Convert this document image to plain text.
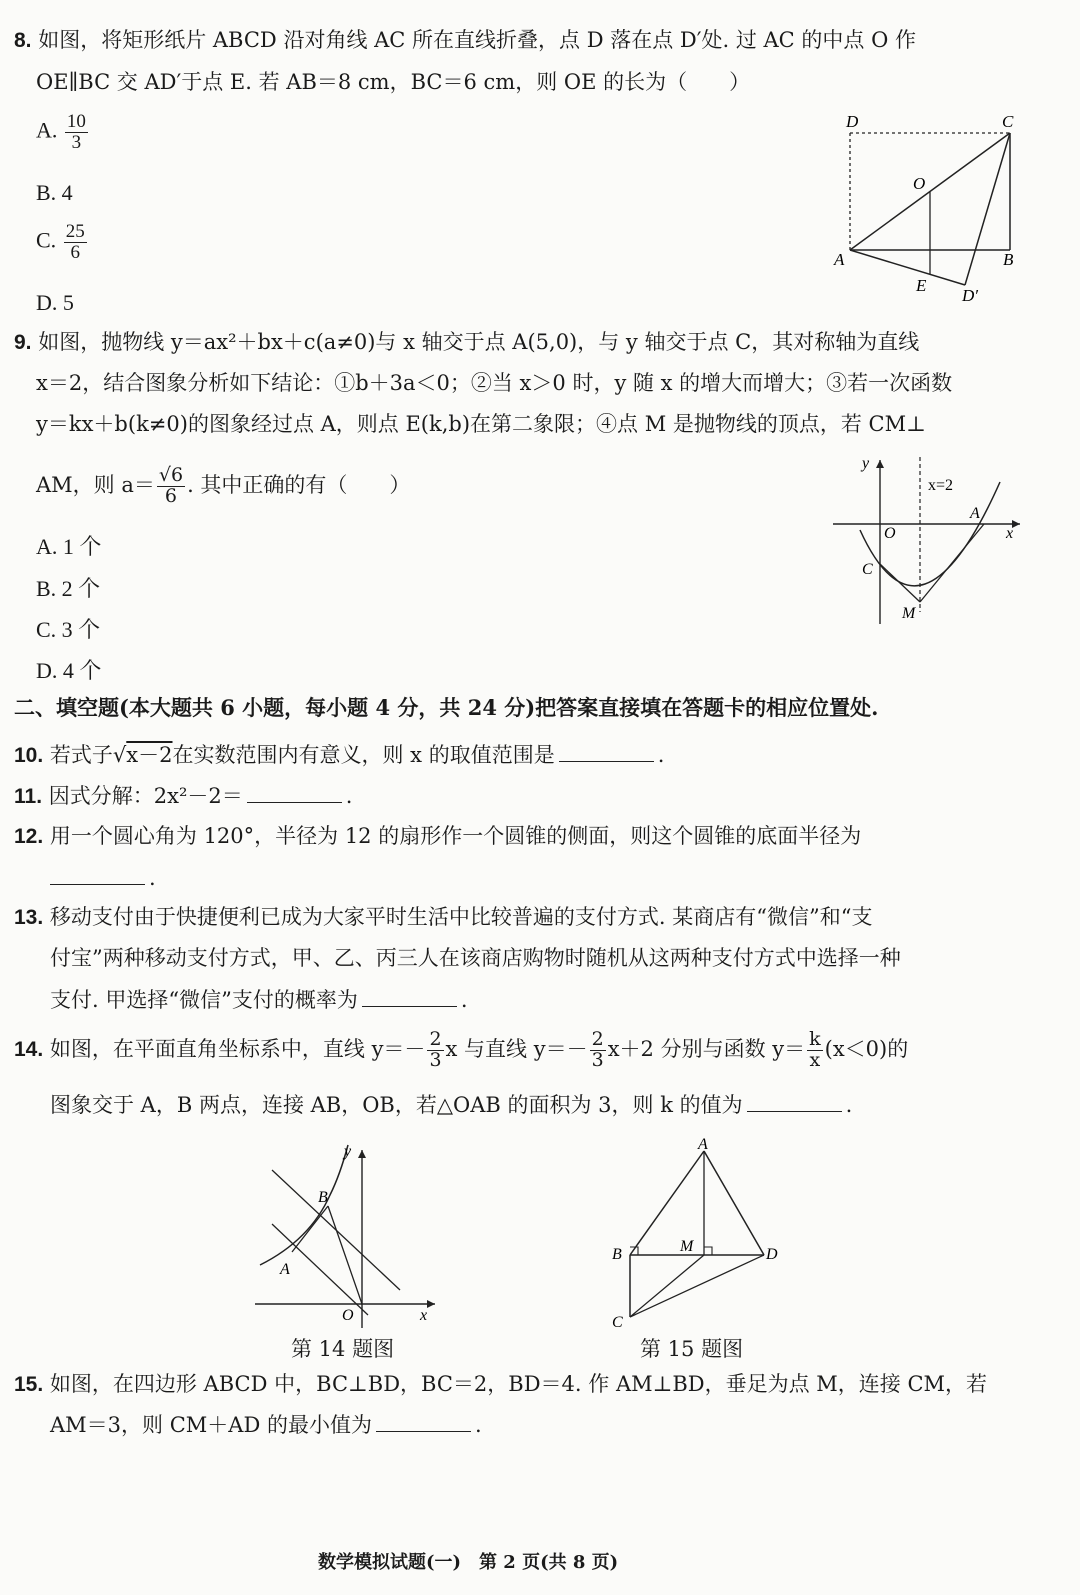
8. 如图，将矩形纸片 ABCD 沿对角线 AC 所在直线折叠，点 D 落在点 D′处. 过 AC 的中点 O 作
OE∥BC 交 AD′于点 E. 若 AB＝8 cm，BC＝6 cm，则 OE 的长为（　　）
A. $\frac{10}{3}$
B. 4
C. $\frac{25}{6}$
D. 5
D	C
O
A	B
E
D′
9. 如图，抛物线 y＝ax²＋bx＋c(a≠0)与 x 轴交于点 A(5,0)，与 y 轴交于点 C，其对称轴为直线
x＝2，结合图象分析如下结论：①b＋3a＜0；②当 x＞0 时，y 随 x 的增大而增大；③若一次函数
y＝kx＋b(k≠0)的图象经过点 A，则点 E(k,b)在第二象限；④点 M 是抛物线的顶点，若 CM⊥
AM，则 $a= \frac{√6}{6}$ . 其中正确的有（　　）
A. 1 个
B. 2 个
C. 3 个
D. 4 个
y
x
x=2
A
O
C
M
二、填空题(本大题共 6 小题，每小题 4 分，共 24 分)把答案直接填在答题卡的相应位置处.
10. 若式子√x－2在实数范围内有意义，则 x 的取值范围是	.
11. 因式分解：2x²－2＝	.
12. 用一个圆心角为 120°，半径为 12 的扇形作一个圆锥的侧面，则这个圆锥的底面半径为
.
13. 移动支付由于快捷便利已成为大家平时生活中比较普遍的支付方式. 某商店有“微信”和“支
付宝”两种移动支付方式，甲、乙、丙三人在该商店购物时随机从这两种支付方式中选择一种
支付. 甲选择“微信”支付的概率为	.
14. 如图，在平面直角坐标系中，直线 $y=- \frac{2}{3}$ x 与直线 $y=- \frac{2}{3} x+2$ 分别与函数 $y= \frac{k}{x} (x<0)$的
图象交于 A，B 两点，连接 AB，OB，若△OAB 的面积为 3，则 k 的值为	.
y
x
B
A
O
第 14 题图
A
B	M	D
C
第 15 题图
15. 如图，在四边形 ABCD 中，BC⊥BD，BC＝2，BD＝4. 作 AM⊥BD，垂足为点 M，连接 CM，若
AM＝3，则 CM＋AD 的最小值为	.
数学模拟试题(一)　第 2 页(共 8 页)
